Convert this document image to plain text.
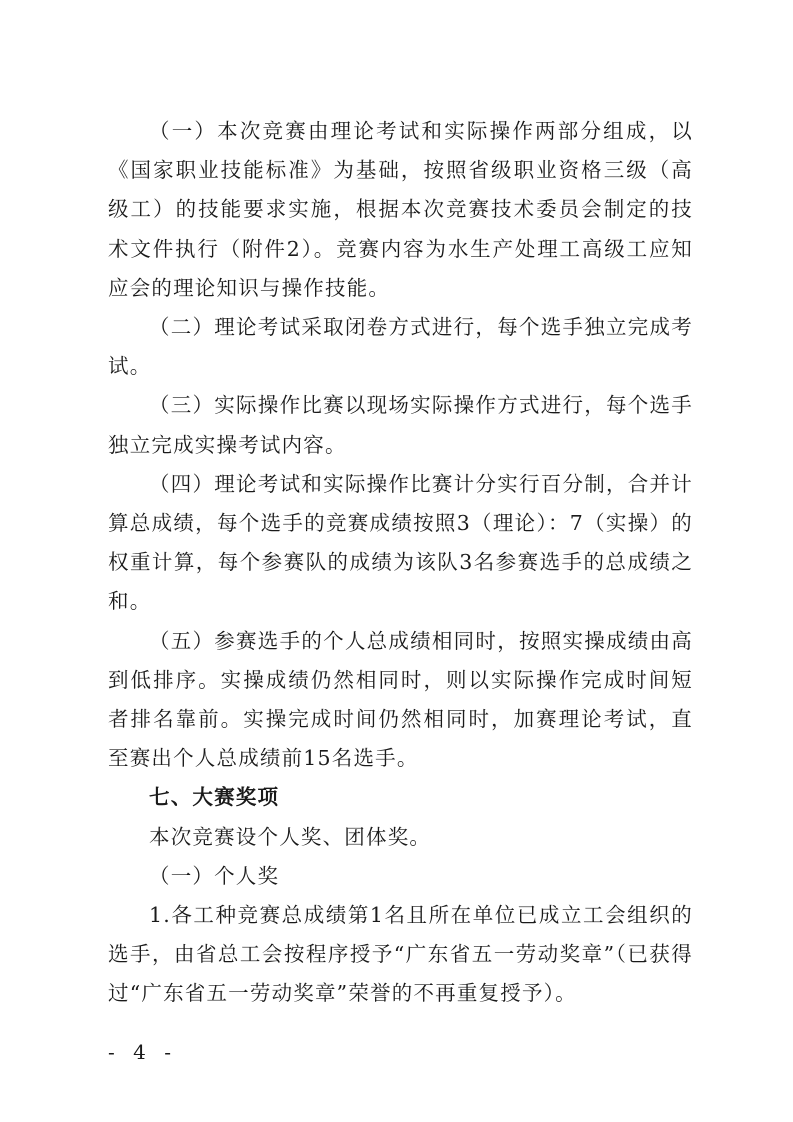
（一）本次竞赛由理论考试和实际操作两部分组成，以《国家职业技能标准》为基础，按照省级职业资格三级（高级工）的技能要求实施，根据本次竞赛技术委员会制定的技术文件执行（附件2）。竞赛内容为水生产处理工高级工应知应会的理论知识与操作技能。

（二）理论考试采取闭卷方式进行，每个选手独立完成考试。

（三）实际操作比赛以现场实际操作方式进行，每个选手独立完成实操考试内容。

（四）理论考试和实际操作比赛计分实行百分制，合并计算总成绩，每个选手的竞赛成绩按照3（理论）：7（实操）的权重计算，每个参赛队的成绩为该队3名参赛选手的总成绩之和。

（五）参赛选手的个人总成绩相同时，按照实操成绩由高到低排序。实操成绩仍然相同时，则以实际操作完成时间短者排名靠前。实操完成时间仍然相同时，加赛理论考试，直至赛出个人总成绩前15名选手。

七、大赛奖项

本次竞赛设个人奖、团体奖。

（一）个人奖

1.各工种竞赛总成绩第1名且所在单位已成立工会组织的选手，由省总工会按程序授予“广东省五一劳动奖章”（已获得过“广东省五一劳动奖章”荣誉的不再重复授予）。

- 4 -
